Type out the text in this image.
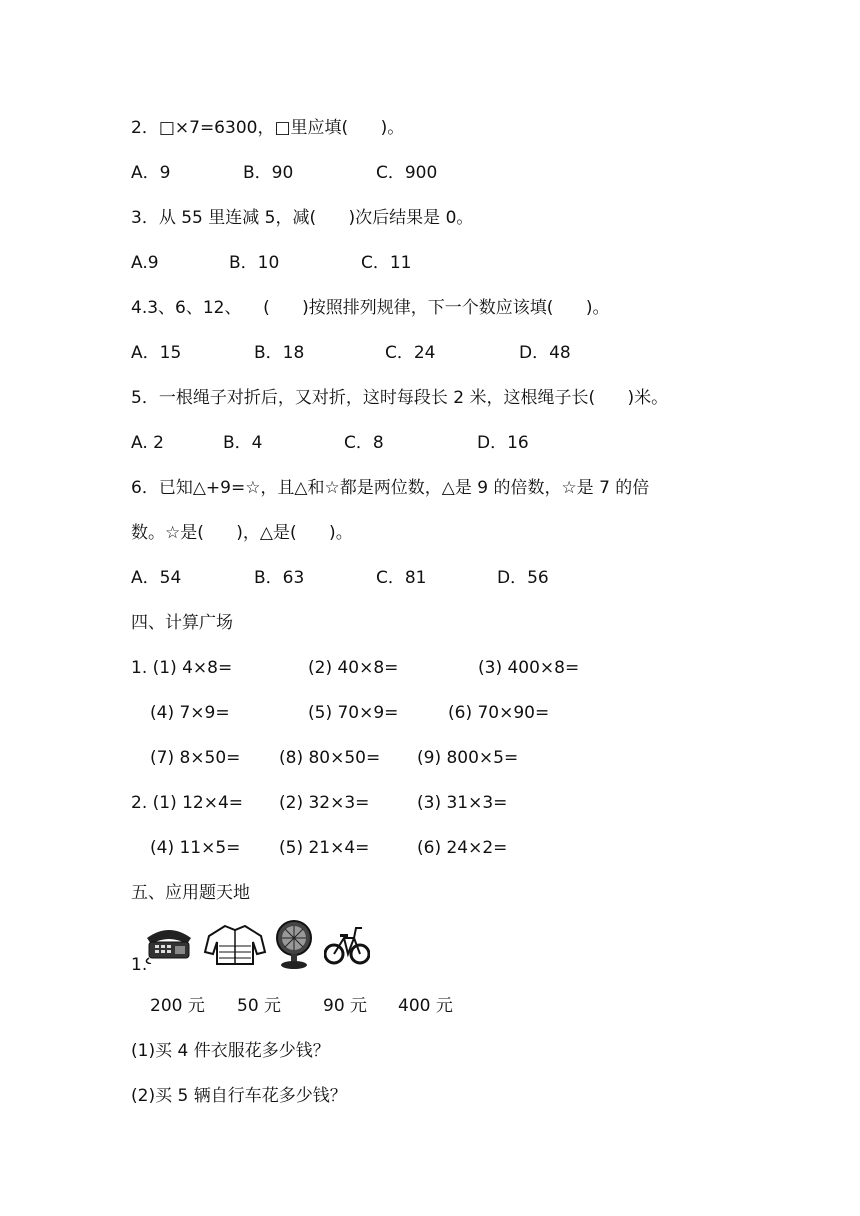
2．□×7=6300，□里应填(      )。
A．9	B．90	C．900
3．从 55 里连减 5，减(      )次后结果是 0。
A.9	B．10	C．11
4.3、6、12、    (      )按照排列规律，下一个数应该填(      )。
A．15	B．18	C．24	D．48
5．一根绳子对折后，又对折，这时每段长 2 米，这根绳子长(      )米。
A. 2	B．4	C．8	D．16
6．已知△+9=☆，且△和☆都是两位数，△是 9 的倍数，☆是 7 的倍
数。☆是(      )，△是(      )。
A．54	B．63	C．81	D．56
四、计算广场
1. (1) 4×8=	(2) 40×8=	(3) 400×8=
(4) 7×9=	(5) 70×9=	(6) 70×90=
(7) 8×50= (8) 80×50= (9) 800×5=
2. (1) 12×4= (2) 32×3=	(3) 31×3=
(4) 11×5= (5) 21×4=	(6) 24×2=
五、应用题天地
1.
200 元 50 元 90 元 400 元
(1)买 4 件衣服花多少钱？
(2)买 5 辆自行车花多少钱？
